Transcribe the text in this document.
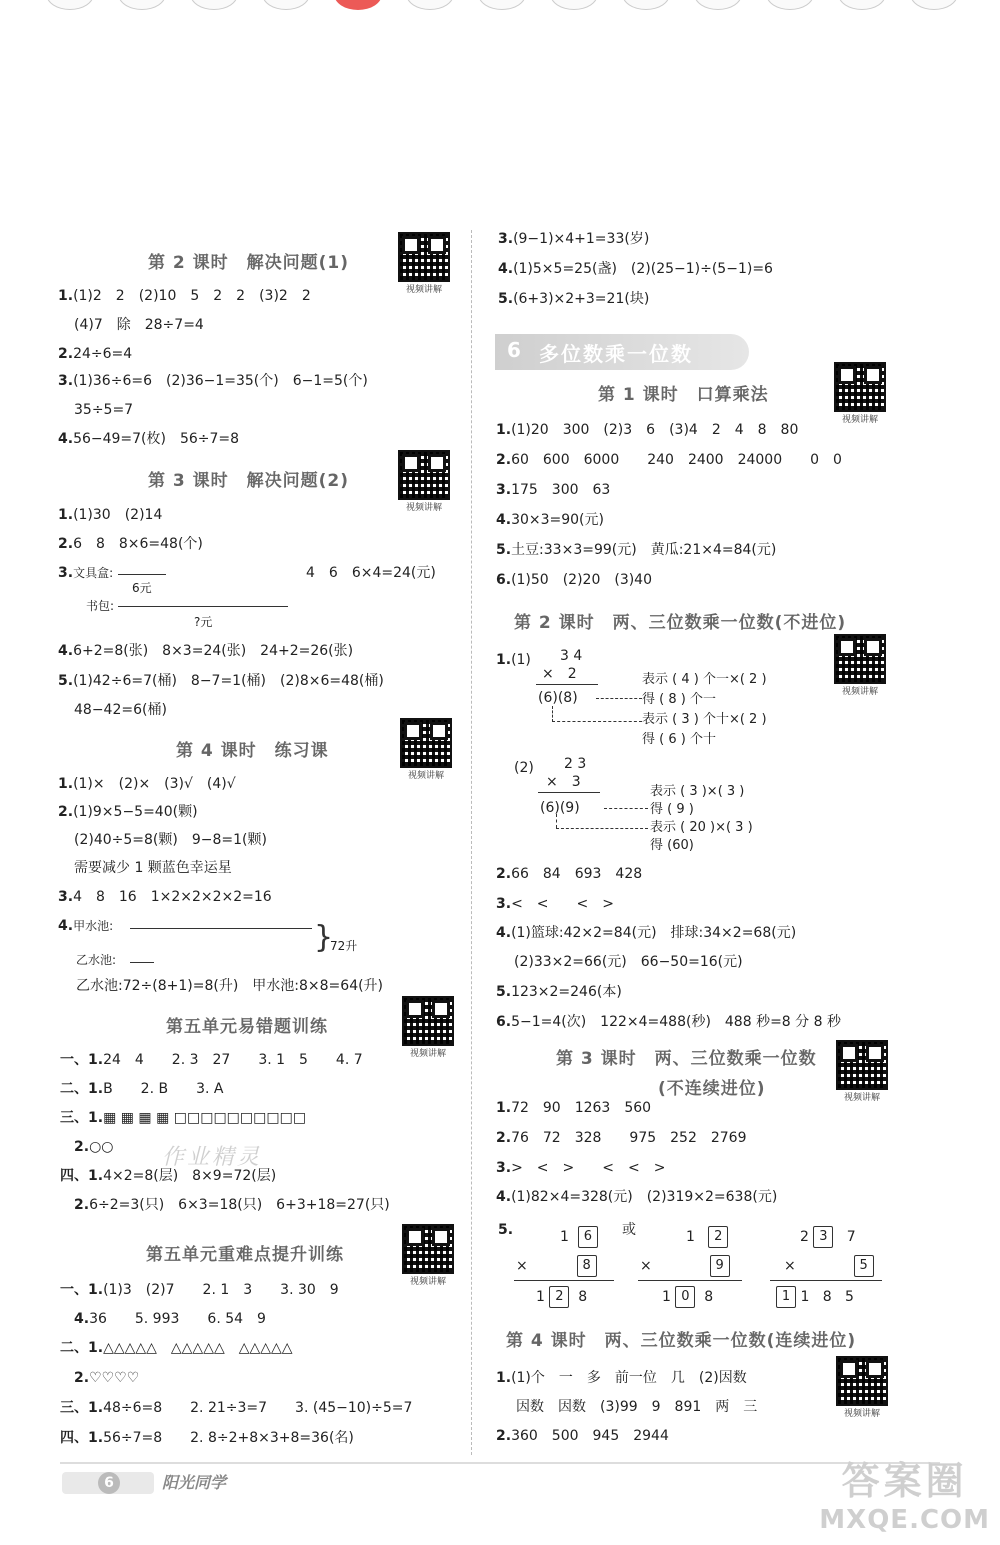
第 2 课时　解决问题(1)
视频讲解
1.(1)2　2　(2)10　5　2　2　(3)2　2
(4)7　除　28÷7=4
2.24÷6=4
3.(1)36÷6=6　(2)36−1=35(个)　6−1=5(个)
35÷5=7
4.56−49=7(枚)　56÷7=8
第 3 课时　解决问题(2)
视频讲解
1.(1)30　(2)14
2.6　8　8×6=48(个)
3.文具盒:
6元
4　6　6×4=24(元)
书包:
?元
4.6+2=8(张)　8×3=24(张)　24+2=26(张)
5.(1)42÷6=7(桶)　8−7=1(桶)　(2)8×6=48(桶)
48−42=6(桶)
第 4 课时　练习课
视频讲解
1.(1)×　(2)×　(3)√　(4)√
2.(1)9×5−5=40(颗)
(2)40÷5=8(颗)　9−8=1(颗)
需要减少 1 颗蓝色幸运星
3.4　8　16　1×2×2×2×2=16
4.甲水池:	}
72升
乙水池:
乙水池:72÷(8+1)=8(升)　甲水池:8×8=64(升)
第五单元易错题训练
视频讲解
一、1.24　4　　2. 3　27　　3. 1　5　　4. 7
二、1.B　　2. B　　3. A
三、1.▦ ▦ ▦ ▦ □□□□□□□□□□
　2.○○ 作业精灵
四、1.4×2=8(层)　8×9=72(层)
　2.6÷2=3(只)　6×3=18(只)　6+3+18=27(只)
第五单元重难点提升训练
视频讲解
一、1.(1)3　(2)7　　2. 1　3　　3. 30　9
　4.36　　5. 993　　6. 54　9
二、1.△△△△△　△△△△△　△△△△△
　2.♡♡♡♡
三、1.48÷6=8　　2. 21÷3=7　　3. (45−10)÷5=7
四、1.56÷7=8　　2. 8÷2+8×3+8=36(名)
3.(9−1)×4+1=33(岁)
4.(1)5×5=25(盏)　(2)(25−1)÷(5−1)=6
5.(6+3)×2+3=21(块)
6 多位数乘一位数
第 1 课时　口算乘法
视频讲解
1.(1)20　300　(2)3　6　(3)4　2　4　8　80
2.60　600　6000　　240　2400　24000　　0　0
3.175　300　63
4.30×3=90(元)
5.土豆:33×3=99(元)　黄瓜:21×4=84(元)
6.(1)50　(2)20　(3)40
第 2 课时　两、三位数乘一位数(不进位)
1.(1) 3 4
×　2
(6)(8)
表示 ( 4 ) 个一×( 2 )
得 ( 8 ) 个一
表示 ( 3 ) 个十×( 2 )
得 ( 6 ) 个十
视频讲解
(2) 2 3
×　3
(6)(9)
表示 ( 3 )×( 3 )
得 ( 9 )
表示 ( 20 )×( 3 )
得 (60)
2.66　84　693　428
3.<　<　　<　>
4.(1)篮球:42×2=84(元)　排球:34×2=68(元)
(2)33×2=66(元)　66−50=16(元)
5.123×2=246(本)
6.5−1=4(次)　122×4=488(秒)　488 秒=8 分 8 秒
第 3 课时　两、三位数乘一位数
(不连续进位)	视频讲解
1.72　90　1263　560
2.76　72　328　　975　252　2769
3.>　<　>　　<　<　>
4.(1)82×4=328(元)　(2)319×2=638(元)
5.	或
1 6
×           8
1 2 8
1 2
×             9
1 0 8
2 3 7
×             5
1 1 8 5
第 4 课时　两、三位数乘一位数(连续进位)
视频讲解
1.(1)个　一　多　前一位　几　(2)因数
因数　因数　(3)99　9　891　两　三
2.360　500　945　2944
6	阳光同学	答案圈
MXQE.COM
